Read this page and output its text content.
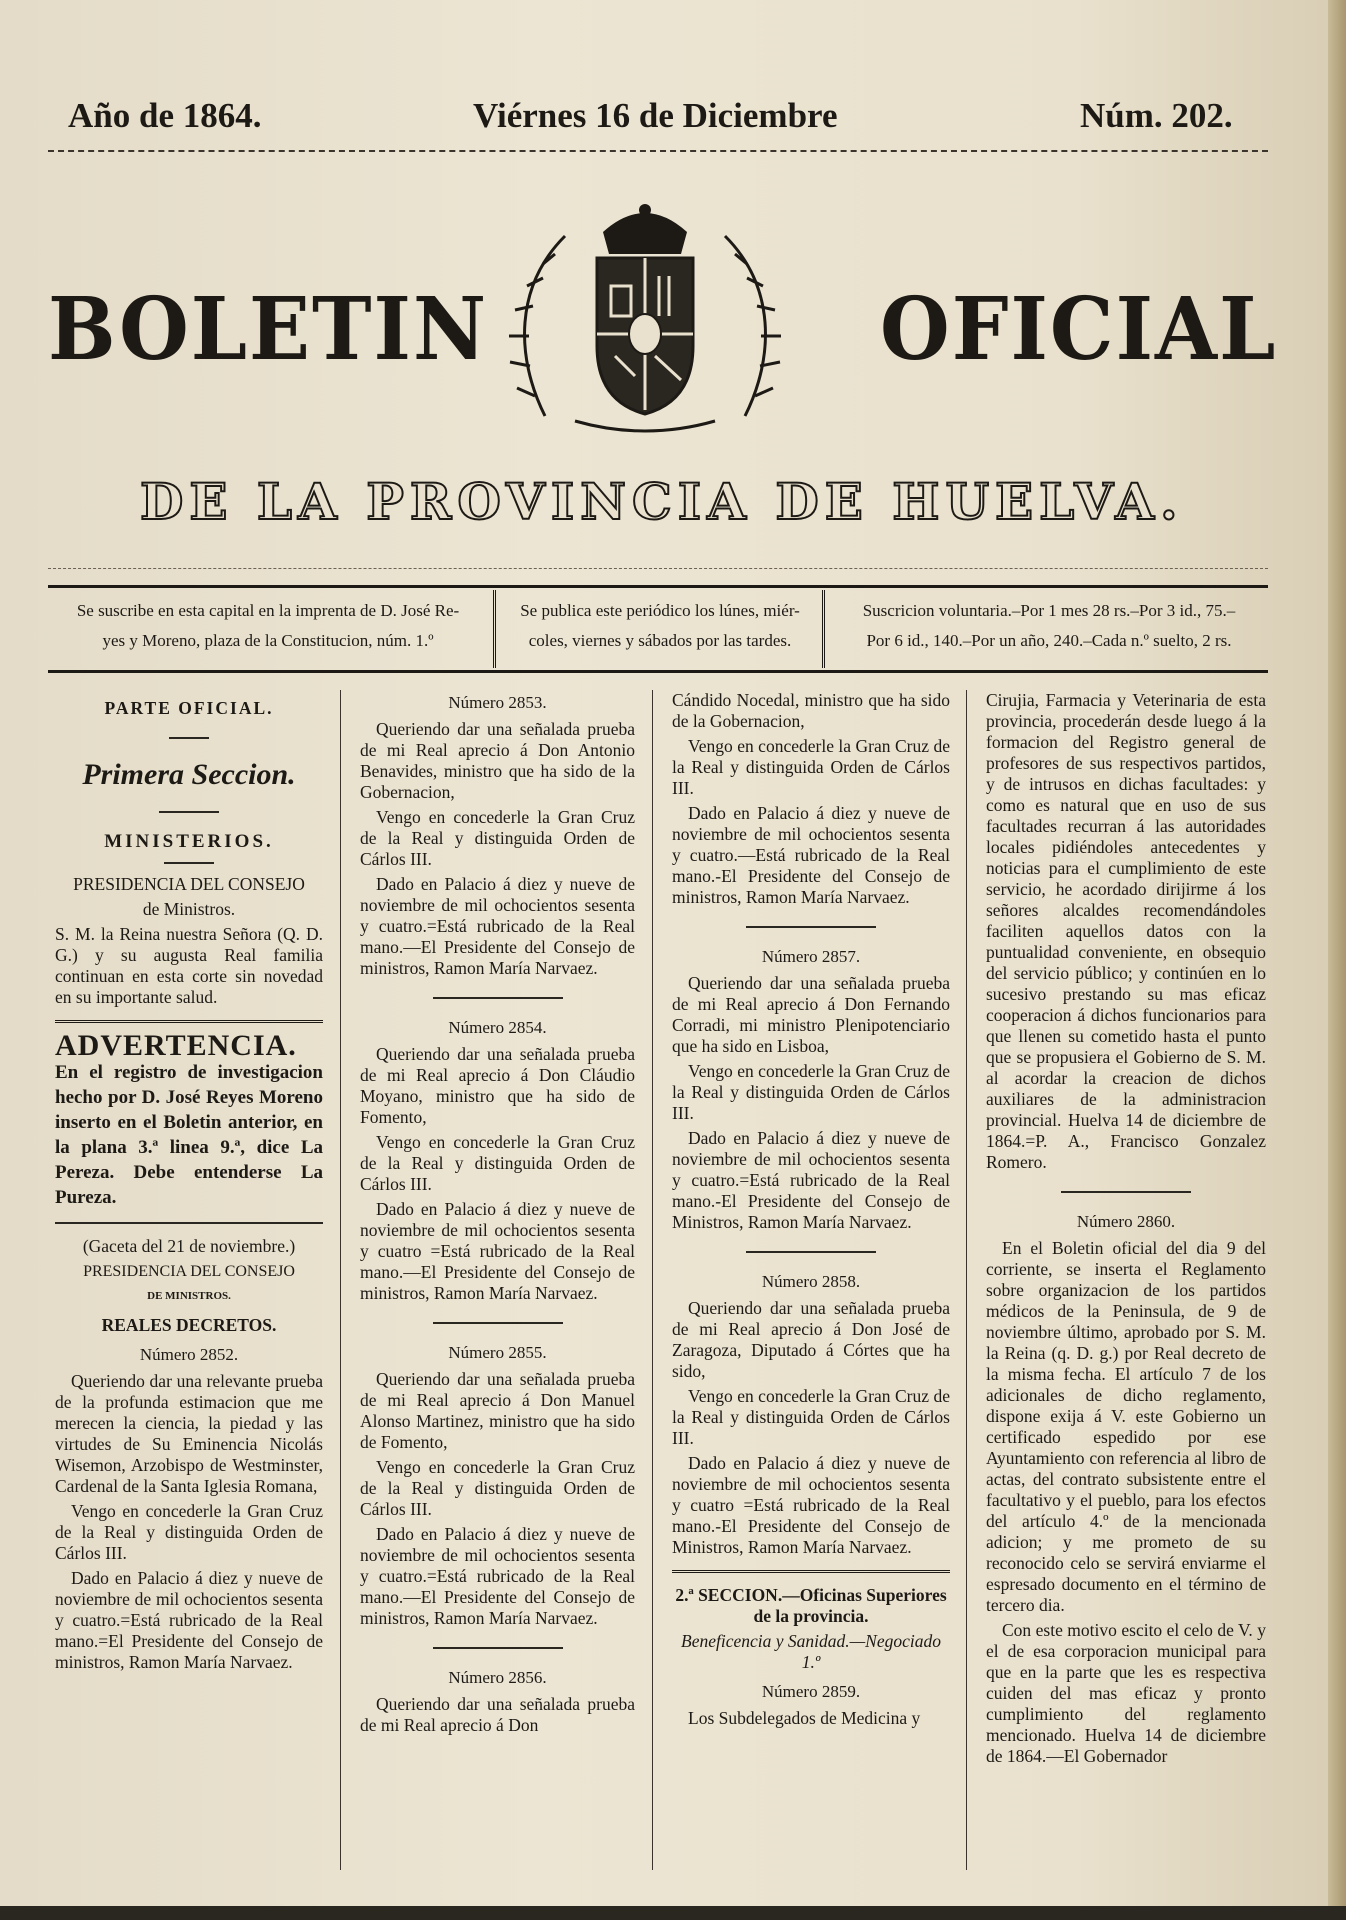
Año de 1864.	Viérnes 16 de Diciembre	Núm. 202.
BOLETIN	OFICIAL
DE LA PROVINCIA DE HUELVA.
Se suscribe en esta capital en la imprenta de D. José Re-
yes y Moreno, plaza de la Constitucion, núm. 1.º
Se publica este periódico los lúnes, miér-
coles, viernes y sábados por las tardes.
Suscricion voluntaria.–Por 1 mes 28 rs.–Por 3 id., 75.–
Por 6 id., 140.–Por un año, 240.–Cada n.º suelto, 2 rs.

PARTE OFICIAL.

Primera Seccion.

MINISTERIOS.

PRESIDENCIA DEL CONSEJO

de Ministros.

S. M. la Reina nuestra Señora (Q. D. G.) y su augusta Real familia continuan en esta corte sin novedad en su importante salud.

ADVERTENCIA.

En el registro de investigacion hecho por D. José Reyes Moreno inserto en el Boletin anterior, en la plana 3.ª linea 9.ª, dice La Pereza. Debe entenderse La Pureza.

(Gaceta del 21 de noviembre.)

PRESIDENCIA DEL CONSEJO

DE MINISTROS.

REALES DECRETOS.

Número 2852.

Queriendo dar una relevante prueba de la profunda estimacion que me merecen la ciencia, la piedad y las virtudes de Su Eminencia Nicolás Wisemon, Arzobispo de Westminster, Cardenal de la Santa Iglesia Romana,

Vengo en concederle la Gran Cruz de la Real y distinguida Orden de Cárlos III.

Dado en Palacio á diez y nueve de noviembre de mil ochocientos sesenta y cuatro.=Está rubricado de la Real mano.=El Presidente del Consejo de ministros, Ramon María Narvaez.

Número 2853.

Queriendo dar una señalada prueba de mi Real aprecio á Don Antonio Benavides, ministro que ha sido de la Gobernacion,

Vengo en concederle la Gran Cruz de la Real y distinguida Orden de Cárlos III.

Dado en Palacio á diez y nueve de noviembre de mil ochocientos sesenta y cuatro.=Está rubricado de la Real mano.—El Presidente del Consejo de ministros, Ramon María Narvaez.

Número 2854.

Queriendo dar una señalada prueba de mi Real aprecio á Don Cláudio Moyano, ministro que ha sido de Fomento,

Vengo en concederle la Gran Cruz de la Real y distinguida Orden de Cárlos III.

Dado en Palacio á diez y nueve de noviembre de mil ochocientos sesenta y cuatro =Está rubricado de la Real mano.—El Presidente del Consejo de ministros, Ramon María Narvaez.

Número 2855.

Queriendo dar una señalada prueba de mi Real aprecio á Don Manuel Alonso Martinez, ministro que ha sido de Fomento,

Vengo en concederle la Gran Cruz de la Real y distinguida Orden de Cárlos III.

Dado en Palacio á diez y nueve de noviembre de mil ochocientos sesenta y cuatro.=Está rubricado de la Real mano.—El Presidente del Consejo de ministros, Ramon María Narvaez.

Número 2856.

Queriendo dar una señalada prueba de mi Real aprecio á Don

Cándido Nocedal, ministro que ha sido de la Gobernacion,

Vengo en concederle la Gran Cruz de la Real y distinguida Orden de Cárlos III.

Dado en Palacio á diez y nueve de noviembre de mil ochocientos sesenta y cuatro.—Está rubricado de la Real mano.-El Presidente del Consejo de ministros, Ramon María Narvaez.

Número 2857.

Queriendo dar una señalada prueba de mi Real aprecio á Don Fernando Corradi, mi ministro Plenipotenciario que ha sido en Lisboa,

Vengo en concederle la Gran Cruz de la Real y distinguida Orden de Cárlos III.

Dado en Palacio á diez y nueve de noviembre de mil ochocientos sesenta y cuatro.=Está rubricado de la Real mano.-El Presidente del Consejo de Ministros, Ramon María Narvaez.

Número 2858.

Queriendo dar una señalada prueba de mi Real aprecio á Don José de Zaragoza, Diputado á Córtes que ha sido,

Vengo en concederle la Gran Cruz de la Real y distinguida Orden de Cárlos III.

Dado en Palacio á diez y nueve de noviembre de mil ochocientos sesenta y cuatro =Está rubricado de la Real mano.-El Presidente del Consejo de Ministros, Ramon María Narvaez.

2.ª SECCION.—Oficinas Superiores de la provincia.

Beneficencia y Sanidad.—Negociado 1.º

Número 2859.

Los Subdelegados de Medicina y

Cirujia, Farmacia y Veterinaria de esta provincia, procederán desde luego á la formacion del Registro general de profesores de sus respectivos partidos, y de intrusos en dichas facultades: y como es natural que en uso de sus facultades recurran á las autoridades locales pidiéndoles antecedentes y noticias para el cumplimiento de este servicio, he acordado dirijirme á los señores alcaldes recomendándoles faciliten aquellos datos con la puntualidad conveniente, en obsequio del servicio público; y continúen en lo sucesivo prestando su mas eficaz cooperacion á dichos funcionarios para que llenen su cometido hasta el punto que se propusiera el Gobierno de S. M. al acordar la creacion de dichos auxiliares de la administracion provincial. Huelva 14 de diciembre de 1864.=P. A., Francisco Gonzalez Romero.

Número 2860.

En el Boletin oficial del dia 9 del corriente, se inserta el Reglamento sobre organizacion de los partidos médicos de la Peninsula, de 9 de noviembre último, aprobado por S. M. la Reina (q. D. g.) por Real decreto de la misma fecha. El artículo 7 de los adicionales de dicho reglamento, dispone exija á V. este Gobierno un certificado espedido por ese Ayuntamiento con referencia al libro de actas, del contrato subsistente entre el facultativo y el pueblo, para los efectos del artículo 4.º de la mencionada adicion; y me prometo de su reconocido celo se servirá enviarme el espresado documento en el término de tercero dia.

Con este motivo escito el celo de V. y el de esa corporacion municipal para que en la parte que les es respectiva cuiden del mas eficaz y pronto cumplimiento del reglamento mencionado. Huelva 14 de diciembre de 1864.—El Gobernador
